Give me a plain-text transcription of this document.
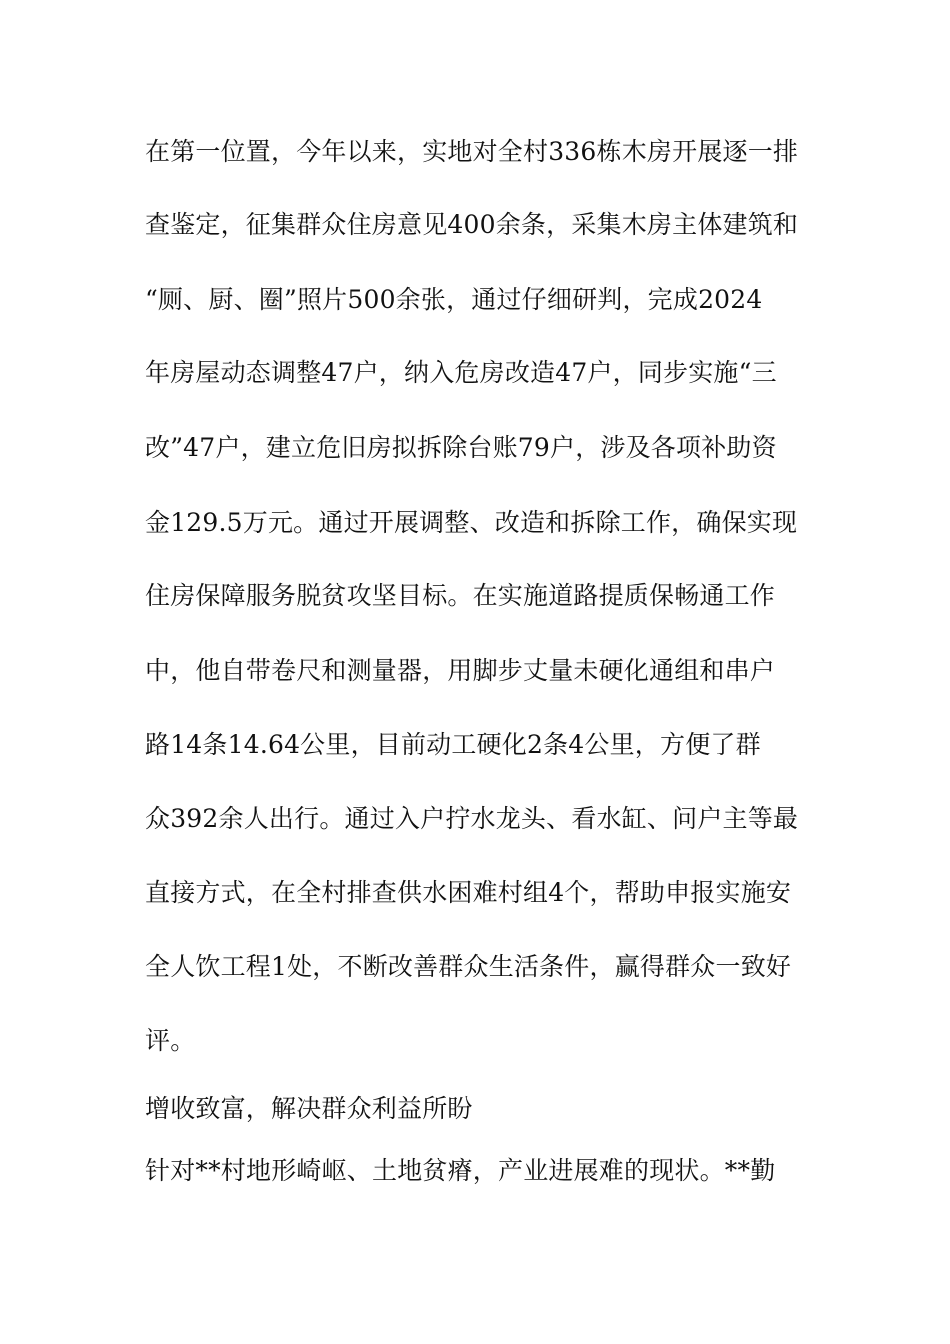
在第一位置，今年以来，实地对全村336栋木房开展逐一排

查鉴定，征集群众住房意见400余条，采集木房主体建筑和

“厕、厨、圈”照片500余张，通过仔细研判，完成2024

年房屋动态调整47户，纳入危房改造47户，同步实施“三

改”47户，建立危旧房拟拆除台账79户，涉及各项补助资

金129.5万元。通过开展调整、改造和拆除工作，确保实现

住房保障服务脱贫攻坚目标。在实施道路提质保畅通工作

中，他自带卷尺和测量器，用脚步丈量未硬化通组和串户

路14条14.64公里，目前动工硬化2条4公里，方便了群

众392余人出行。通过入户拧水龙头、看水缸、问户主等最

直接方式，在全村排查供水困难村组4个，帮助申报实施安

全人饮工程1处，不断改善群众生活条件，赢得群众一致好

评。

增收致富，解决群众利益所盼

针对**村地形崎岖、土地贫瘠，产业进展难的现状。**勤
